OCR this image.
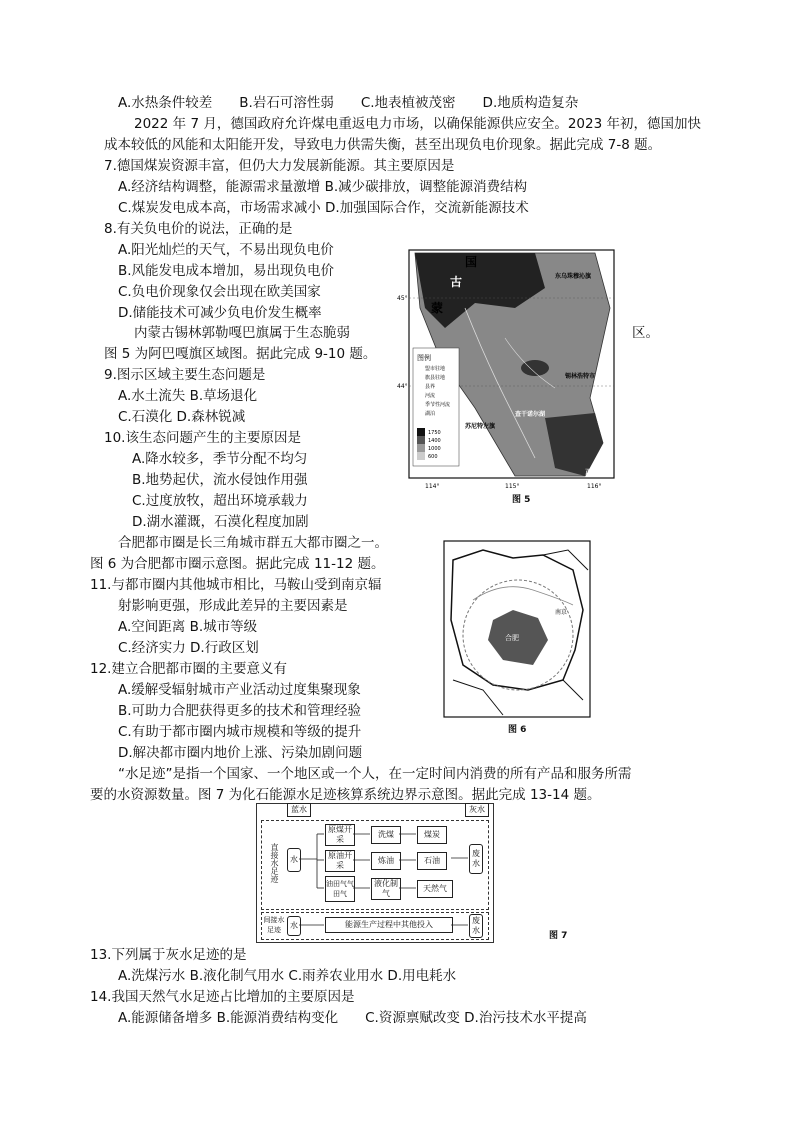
A.水热条件较差　　B.岩石可溶性弱　　C.地表植被茂密　　D.地质构造复杂
2022 年 7 月，德国政府允许煤电重返电力市场，以确保能源供应安全。2023 年初，德国加快
成本较低的风能和太阳能开发，导致电力供需失衡，甚至出现负电价现象。据此完成 7-8 题。
7.德国煤炭资源丰富，但仍大力发展新能源。其主要原因是
A.经济结构调整，能源需求量激增 B.减少碳排放，调整能源消费结构
C.煤炭发电成本高，市场需求减小 D.加强国际合作，交流新能源技术
8.有关负电价的说法，正确的是
A.阳光灿烂的天气，不易出现负电价
B.风能发电成本增加，易出现负电价
C.负电价现象仅会出现在欧美国家
D.储能技术可减少负电价发生概率
内蒙古锡林郭勒嘎巴旗属于生态脆弱	区。
图 5 为阿巴嘎旗区域图。据此完成 9-10 题。
9.图示区域主要生态问题是
A.水土流失 B.草场退化
C.石漠化 D.森林锐减
10.该生态问题产生的主要原因是
A.降水较多，季节分配不均匀
B.地势起伏，流水侵蚀作用强
C.过度放牧，超出环境承载力
D.湖水灌溉，石漠化程度加剧
合肥都市圈是长三角城市群五大都市圈之一。
图 6 为合肥都市圈示意图。据此完成 11-12 题。
11.与都市圈内其他城市相比，马鞍山受到南京辐
射影响更强，形成此差异的主要因素是
A.空间距离 B.城市等级
C.经济实力 D.行政区划
12.建立合肥都市圈的主要意义有
A.缓解受辐射城市产业活动过度集聚现象
B.可助力合肥获得更多的技术和管理经验
C.有助于都市圈内城市规模和等级的提升
D.解决都市圈内地价上涨、污染加剧问题
“水足迹”是指一个国家、一个地区或一个人，在一定时间内消费的所有产品和服务所需
要的水资源数量。图 7 为化石能源水足迹核算系统边界示意图。据此完成 13-14 题。
13.下列属于灰水足迹的是
A.洗煤污水 B.液化制气用水 C.雨养农业用水 D.用电耗水
14.我国天然气水足迹占比增加的主要原因是
A.能源储备增多 B.能源消费结构变化　　C.资源禀赋改变 D.治污技术水平提高
图例
盟市驻地
旗县驻地
县界
河流
季节性河流
湖泊
1750
1400
1000
600
国
古
蒙
东乌珠穆沁旗
锡林浩特市
苏尼特左旗
查干诺尔湖
正蓝旗
45°
44°
114°	115°	116°
图 5
合肥
南京
图 6
蓝水	灰水
直接水足迹
间接水足迹
水
水
废水
废水
原煤开采
洗煤	煤炭
原油开采
炼油	石油
油田气气田气
液化制气
天然气
能源生产过程中其他投入
图 7
